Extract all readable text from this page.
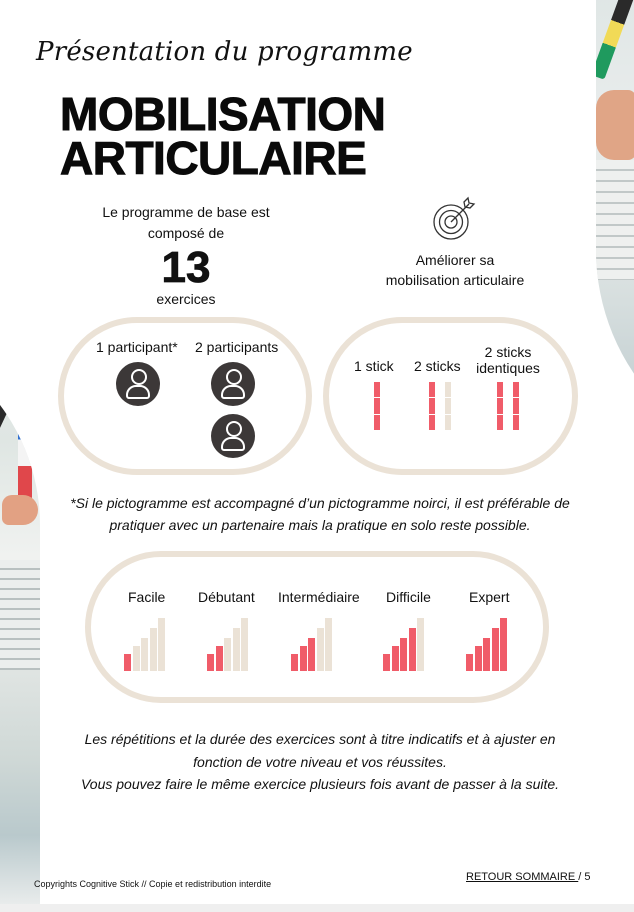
Présentation du programme
MOBILISATION
ARTICULAIRE
Le programme de base est composé de
13
exercices
Améliorer sa mobilisation articulaire
1 participant* 2 participants
1 stick 2 sticks
2 sticks
identiques
*Si le pictogramme est accompagné d’un pictogramme noirci, il est préférable de pratiquer avec un partenaire mais la pratique en solo reste possible.
Facile Débutant Intermédiaire Difficile	Expert
Les répétitions et la durée des exercices sont à titre indicatifs et à ajuster en
fonction de votre niveau et vos réussites.
Vous pouvez faire le même exercice plusieurs fois avant de passer à la suite.
Copyrights Cognitive Stick // Copie et redistribution interdite
RETOUR SOMMAIRE / 5
